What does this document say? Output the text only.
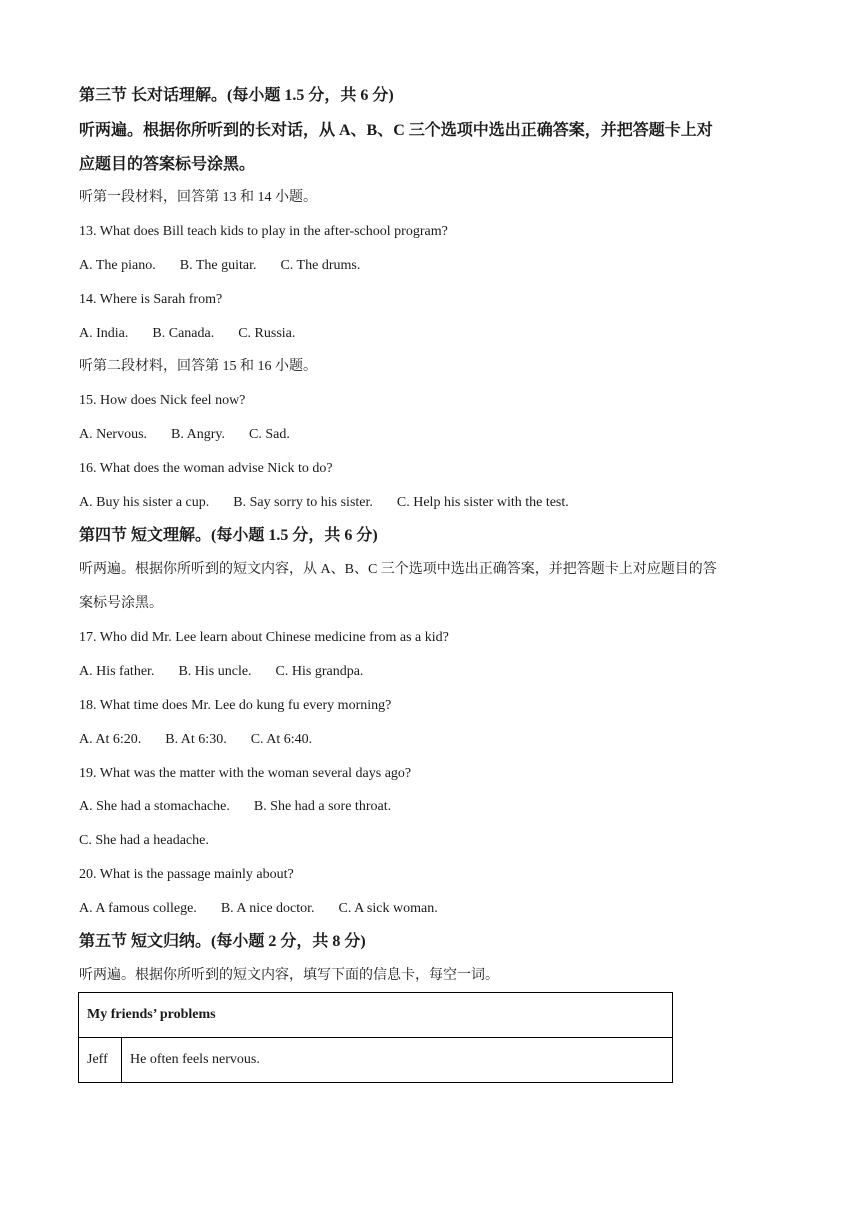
第三节 长对话理解。(每小题 1.5 分，共 6 分)
听两遍。根据你所听到的长对话，从 A、B、C 三个选项中选出正确答案，并把答题卡上对
应题目的答案标号涂黑。
听第一段材料，回答第 13 和 14 小题。
13. What does Bill teach kids to play in the after-school program?
A. The piano. B. The guitar. C. The drums.
14. Where is Sarah from?
A. India. B. Canada. C. Russia.
听第二段材料，回答第 15 和 16 小题。
15. How does Nick feel now?
A. Nervous. B. Angry. C. Sad.
16. What does the woman advise Nick to do?
A. Buy his sister a cup. B. Say sorry to his sister. C. Help his sister with the test.
第四节 短文理解。(每小题 1.5 分，共 6 分)
听两遍。根据你所听到的短文内容，从 A、B、C 三个选项中选出正确答案，并把答题卡上对应题目的答
案标号涂黑。
17. Who did Mr. Lee learn about Chinese medicine from as a kid?
A. His father. B. His uncle. C. His grandpa.
18. What time does Mr. Lee do kung fu every morning?
A. At 6:20. B. At 6:30. C. At 6:40.
19. What was the matter with the woman several days ago?
A. She had a stomachache. B. She had a sore throat.
C. She had a headache.
20. What is the passage mainly about?
A. A famous college. B. A nice doctor. C. A sick woman.
第五节 短文归纳。(每小题 2 分，共 8 分)
听两遍。根据你所听到的短文内容，填写下面的信息卡，每空一词。
My friends’ problems
Jeff	He often feels nervous.
